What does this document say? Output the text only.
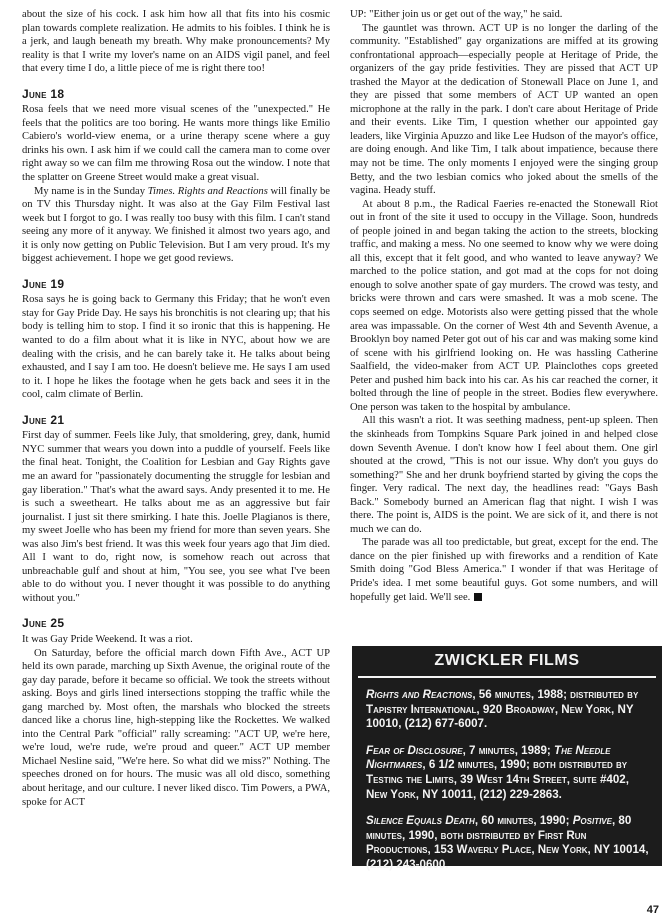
about the size of his cock. I ask him how all that fits into his cosmic plan towards complete realization. He admits to his foibles. I think he is a jerk, and laugh beneath my breath. Why make pronouncements? My reality is that I write my lover's name on an AIDS vigil panel, and feel that every time I do, a little piece of me is right there too!

June 18

Rosa feels that we need more visual scenes of the "unexpected." He feels that the politics are too boring. He wants more things like Emilio Cabiero's world-view enema, or a urine therapy scene where a guy drinks his own. I ask him if we could call the camera man to come over right away so we can film me throwing Rosa out the window. I note that the splatter on Greene Street would make a great visual.

My name is in the Sunday Times. Rights and Reactions will finally be on TV this Thursday night. It was also at the Gay Film Festival last week but I forgot to go. I was really too busy with this film. I can't stand seeing any more of it anyway. We finished it almost two years ago, and it is only now getting on Public Television. But I am very proud. It's my biggest achievement. I hope we get good reviews.

June 19

Rosa says he is going back to Germany this Friday; that he won't even stay for Gay Pride Day. He says his bronchitis is not clearing up; that his body is telling him to stop. I find it so ironic that this is happening. He wanted to do a film about what it is like in NYC, about how we are dealing with the crisis, and he can barely take it. He talks about being exhausted, and I say I am too. He doesn't believe me. He says I am used to it. I hope he likes the footage when he gets back and sees it in the cool, calm climate of Berlin.

June 21

First day of summer. Feels like July, that smoldering, grey, dank, humid NYC summer that wears you down into a puddle of yourself. Feels like the final heat. Tonight, the Coalition for Lesbian and Gay Rights gave me an award for "passionately documenting the struggle for lesbian and gay liberation." That's what the award says. Andy presented it to me. He is such a sweetheart. He talks about me as an aggressive but fair journalist. I just sit there smirking. I hate this. Joelle Plagianos is there, my sweet Joelle who has been my friend for more than seven years. She was also Jim's best friend. It was this week four years ago that Jim died. All I want to do, right now, is somehow reach out across that unbreachable gulf and shout at him, "You see, you see what I've been able to do without you. I never thought it was possible to do anything without you."

June 25

It was Gay Pride Weekend. It was a riot.

On Saturday, before the official march down Fifth Ave., ACT UP held its own parade, marching up Sixth Avenue, the original route of the gay day parade, before it became so official. We took the streets without asking. Boys and girls lined intersections stopping the traffic while the gang marched by. Most often, the marshals who blocked the streets danced like a chorus line, high-stepping like the Rockettes. We walked into the Central Park "official" rally screaming: "ACT UP, we're here, we're loud, we're rude, we're proud and queer." ACT UP member Michael Nesline said, "We're here. So what did we miss?" Nothing. The speeches droned on for hours. The music was all old disco, something about heritage, and our culture. I never liked disco. Tim Powers, a PWA, spoke for ACT

UP: "Either join us or get out of the way," he said.

The gauntlet was thrown. ACT UP is no longer the darling of the community. "Established" gay organizations are miffed at its growing confrontational approach—especially people at Heritage of Pride, the organizers of the gay pride festivities. They are pissed that ACT UP trashed the Mayor at the dedication of Stonewall Place on June 1, and they are pissed that some members of ACT UP wanted an open microphone at the rally in the park. I don't care about Heritage of Pride and their events. Like Tim, I question whether our appointed gay leaders, like Virginia Apuzzo and like Lee Hudson of the mayor's office, are doing enough. And like Tim, I talk about impatience, because there may not be time. The only moments I enjoyed were the singing group Betty, and the two lesbian comics who joked about the smells of the vagina. Heady stuff.

At about 8 p.m., the Radical Faeries re-enacted the Stonewall Riot out in front of the site it used to occupy in the Village. Soon, hundreds of people joined in and began taking the action to the streets, blocking traffic, and making a mess. No one seemed to know why we were doing all this, except that it felt good, and who wanted to leave anyway? We marched to the police station, and got mad at the cops for not doing enough to solve another spate of gay murders. The crowd was testy, and bricks were thrown and cars were smashed. It was a mob scene. The cops seemed on edge. Motorists also were getting pissed that the whole area was impassable. On the corner of West 4th and Seventh Avenue, a Brooklyn boy named Peter got out of his car and was making some kind of scene with his girlfriend looking on. He was hassling Catherine Saalfield, the video-maker from ACT UP. Plainclothes cops greeted Peter and pushed him back into his car. As his car reached the corner, it bolted through the line of people in the street. Bodies flew everywhere. One person was taken to the hospital by ambulance.

All this wasn't a riot. It was seething madness, pent-up spleen. Then the skinheads from Tompkins Square Park joined in and helped close down Seventh Avenue. I don't know how I feel about them. One girl shouted at the crowd, "This is not our issue. Why don't you guys do something?" She and her drunk boyfriend started by giving the cops the finger. Very radical. The next day, the headlines read: "Gays Bash Back." Somebody burned an American flag that night. I wish I was there. The point is, AIDS is the point. We are sick of it, and there is not much we can do.

The parade was all too predictable, but great, except for the end. The dance on the pier finished up with fireworks and a rendition of Kate Smith doing "God Bless America." I wonder if that was Heritage of Pride's idea. I met some beautiful guys. Got some numbers, and will hopefully get laid. We'll see.

ZWICKLER FILMS

Rights and Reactions, 56 minutes, 1988; distributed by Tapistry International, 920 Broadway, New York, NY 10010, (212) 677-6007.

Fear of Disclosure, 7 minutes, 1989; The Needle Nightmares, 6 1/2 minutes, 1990; both distributed by Testing the Limits, 39 West 14th Street, suite #402, New York, NY 10011, (212) 229-2863.

Silence Equals Death, 60 minutes, 1990; Positive, 80 minutes, 1990, both distributed by First Run Productions, 153 Waverly Place, New York, NY 10014, (212) 243-0600.

47
